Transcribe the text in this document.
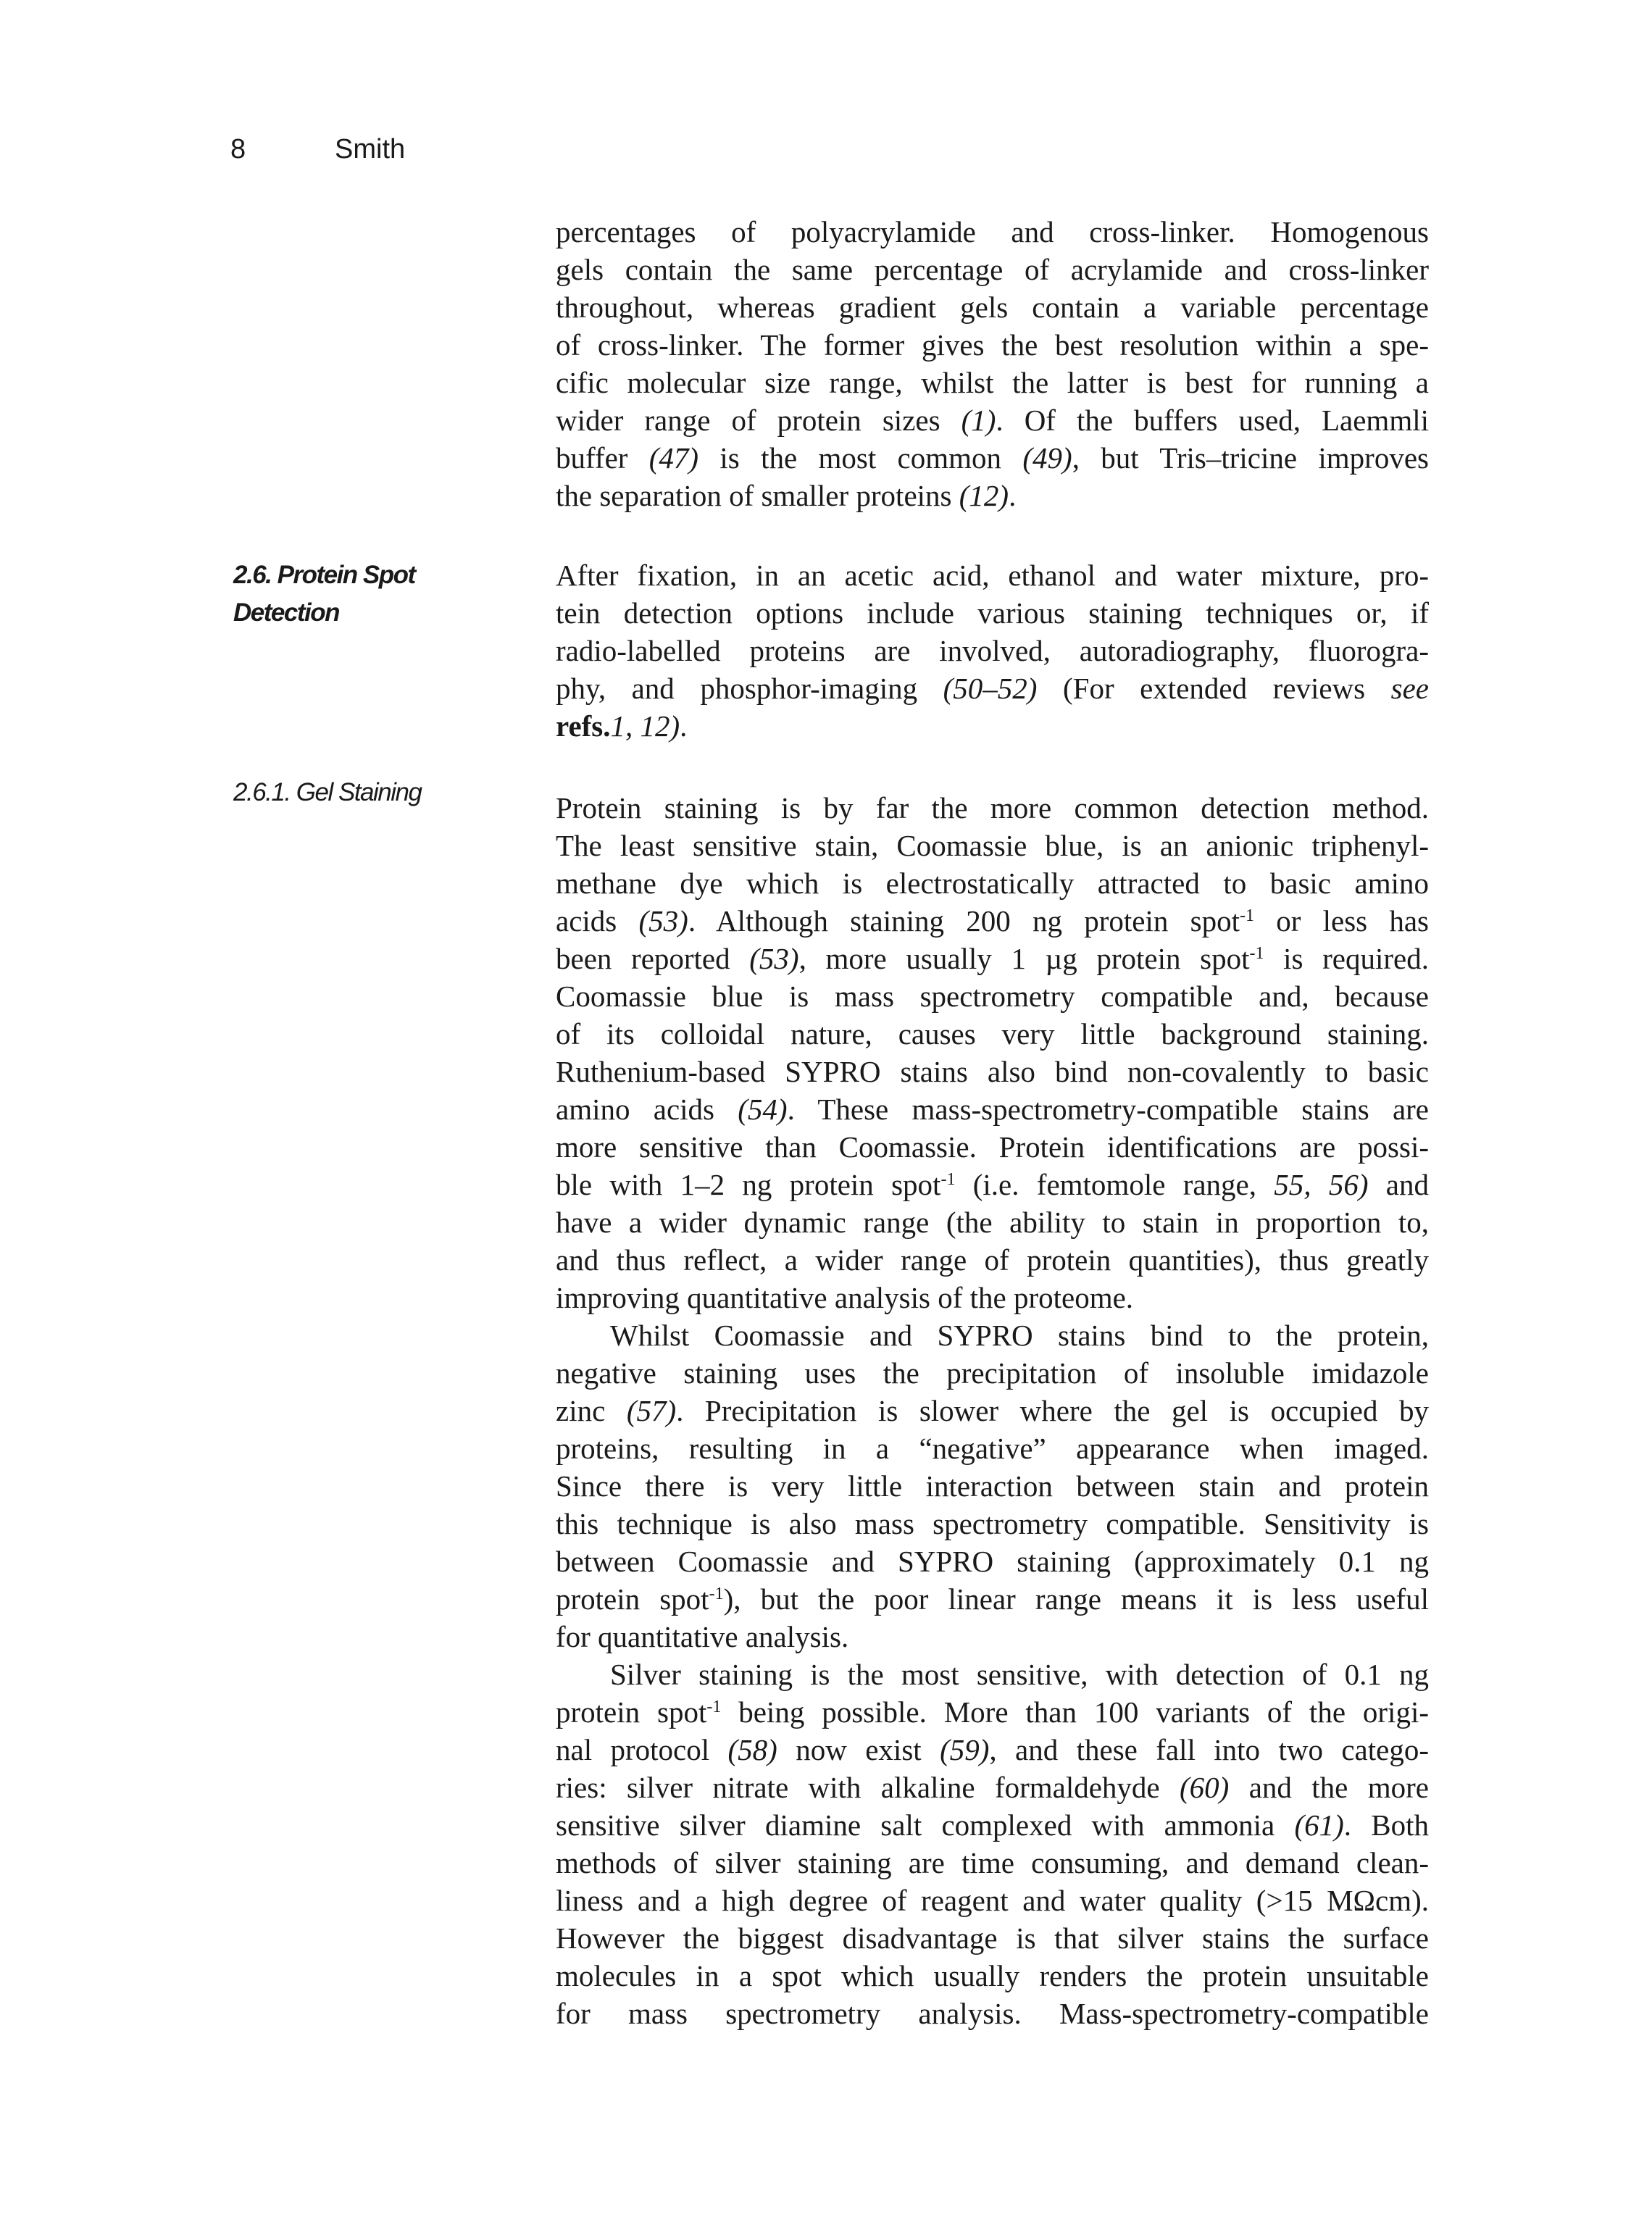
8	Smith
2.6. Protein Spot
Detection
2.6.1. Gel Staining
percentages of polyacrylamide and cross-linker. Homogenous
gels contain the same percentage of acrylamide and cross-linker
throughout, whereas gradient gels contain a variable percentage
of cross-linker. The former gives the best resolution within a spe-
cific molecular size range, whilst the latter is best for running a
wider range of protein sizes (1). Of the buffers used, Laemmli
buffer (47) is the most common (49), but Tris–tricine improves
the separation of smaller proteins (12).
After fixation, in an acetic acid, ethanol and water mixture, pro-
tein detection options include various staining techniques or, if
radio-labelled proteins are involved, autoradiography, fluorogra-
phy, and phosphor-imaging (50–52) (For extended reviews see
refs.1, 12).
Protein staining is by far the more common detection method.
The least sensitive stain, Coomassie blue, is an anionic triphenyl-
methane dye which is electrostatically attracted to basic amino
acids (53). Although staining 200 ng protein spot$^{-1}$ or less has
been reported (53), more usually 1 µg protein spot$^{-1}$ is required.
Coomassie blue is mass spectrometry compatible and, because
of its colloidal nature, causes very little background staining.
Ruthenium-based SYPRO stains also bind non-covalently to basic
amino acids (54). These mass-spectrometry-compatible stains are
more sensitive than Coomassie. Protein identifications are possi-
ble with 1–2 ng protein spot$^{-1}$ (i.e. femtomole range, 55, 56) and
have a wider dynamic range (the ability to stain in proportion to,
and thus reflect, a wider range of protein quantities), thus greatly
improving quantitative analysis of the proteome.
Whilst Coomassie and SYPRO stains bind to the protein,
negative staining uses the precipitation of insoluble imidazole
zinc (57). Precipitation is slower where the gel is occupied by
proteins, resulting in a “negative” appearance when imaged.
Since there is very little interaction between stain and protein
this technique is also mass spectrometry compatible. Sensitivity is
between Coomassie and SYPRO staining (approximately 0.1 ng
protein spot$^{-1}$), but the poor linear range means it is less useful
for quantitative analysis.
Silver staining is the most sensitive, with detection of 0.1 ng
protein spot$^{-1}$ being possible. More than 100 variants of the origi-
nal protocol (58) now exist (59), and these fall into two catego-
ries: silver nitrate with alkaline formaldehyde (60) and the more
sensitive silver diamine salt complexed with ammonia (61). Both
methods of silver staining are time consuming, and demand clean-
liness and a high degree of reagent and water quality (>15 MΩcm).
However the biggest disadvantage is that silver stains the surface
molecules in a spot which usually renders the protein unsuitable
for mass spectrometry analysis. Mass-spectrometry-compatible
